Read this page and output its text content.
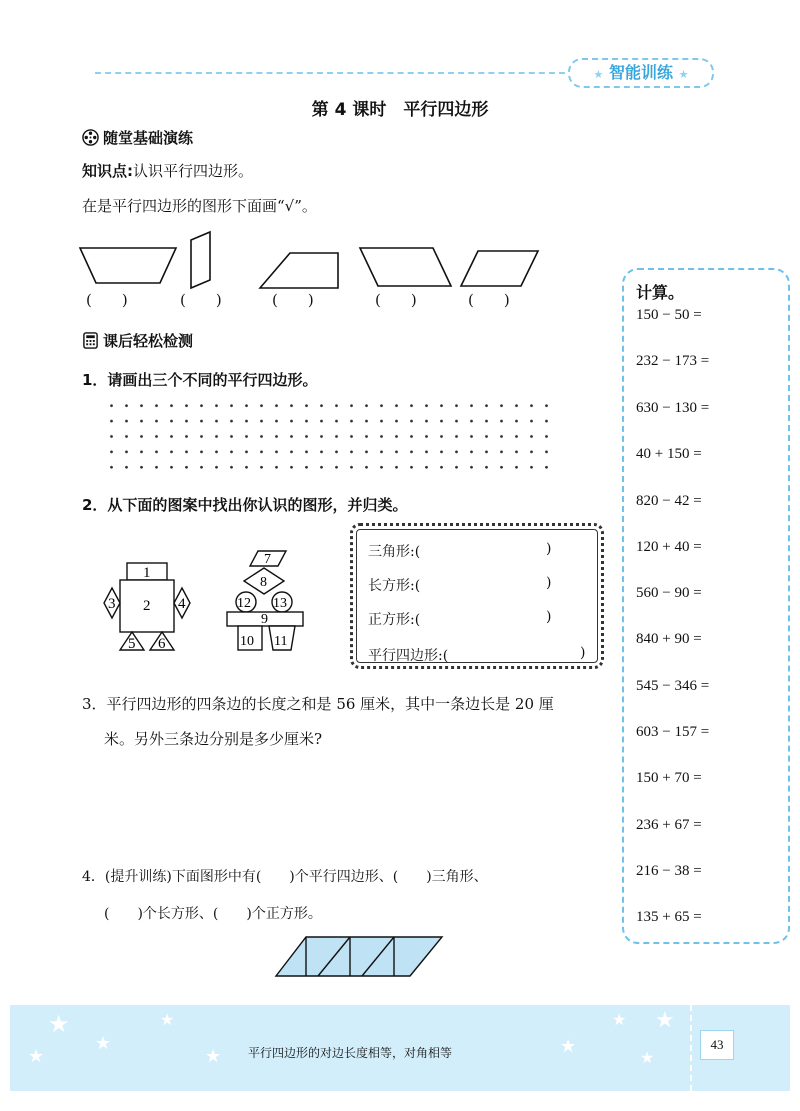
★ 智能训练 ★
第 4 课时　平行四边形
随堂基础演练
知识点:认识平行四边形。
在是平行四边形的图形下面画“√”。
(　　)	(　　)	(　　)	(　　)	(　　)
课后轻松检测
1．请画出三个不同的平行四边形。
2．从下面的图案中找出你认识的图形，并归类。
1
2
3	4
5 6
7
8
9
10 11
12 13
三角形:(	)
长方形:(	)
正方形:(	)
平行四边形:(	)
3．平行四边形的四条边的长度之和是 56 厘米，其中一条边长是 20 厘
米。另外三条边分别是多少厘米?
4．(提升训练)下面图形中有(　　)个平行四边形、(　　)三角形、
(　　)个长方形、(　　)个正方形。
计算。
150 − 50 =
232 − 173 =
630 − 130 =
40 + 150 =
820 − 42 =
120 + 40 =
560 − 90 =
840 + 90 =
545 − 346 =
603 − 157 =
150 + 70 =
236 + 67 =
216 − 38 =
135 + 65 =
★
★
★
★
★	★
★ ★
★
平行四边形的对边长度相等，对角相等
43
